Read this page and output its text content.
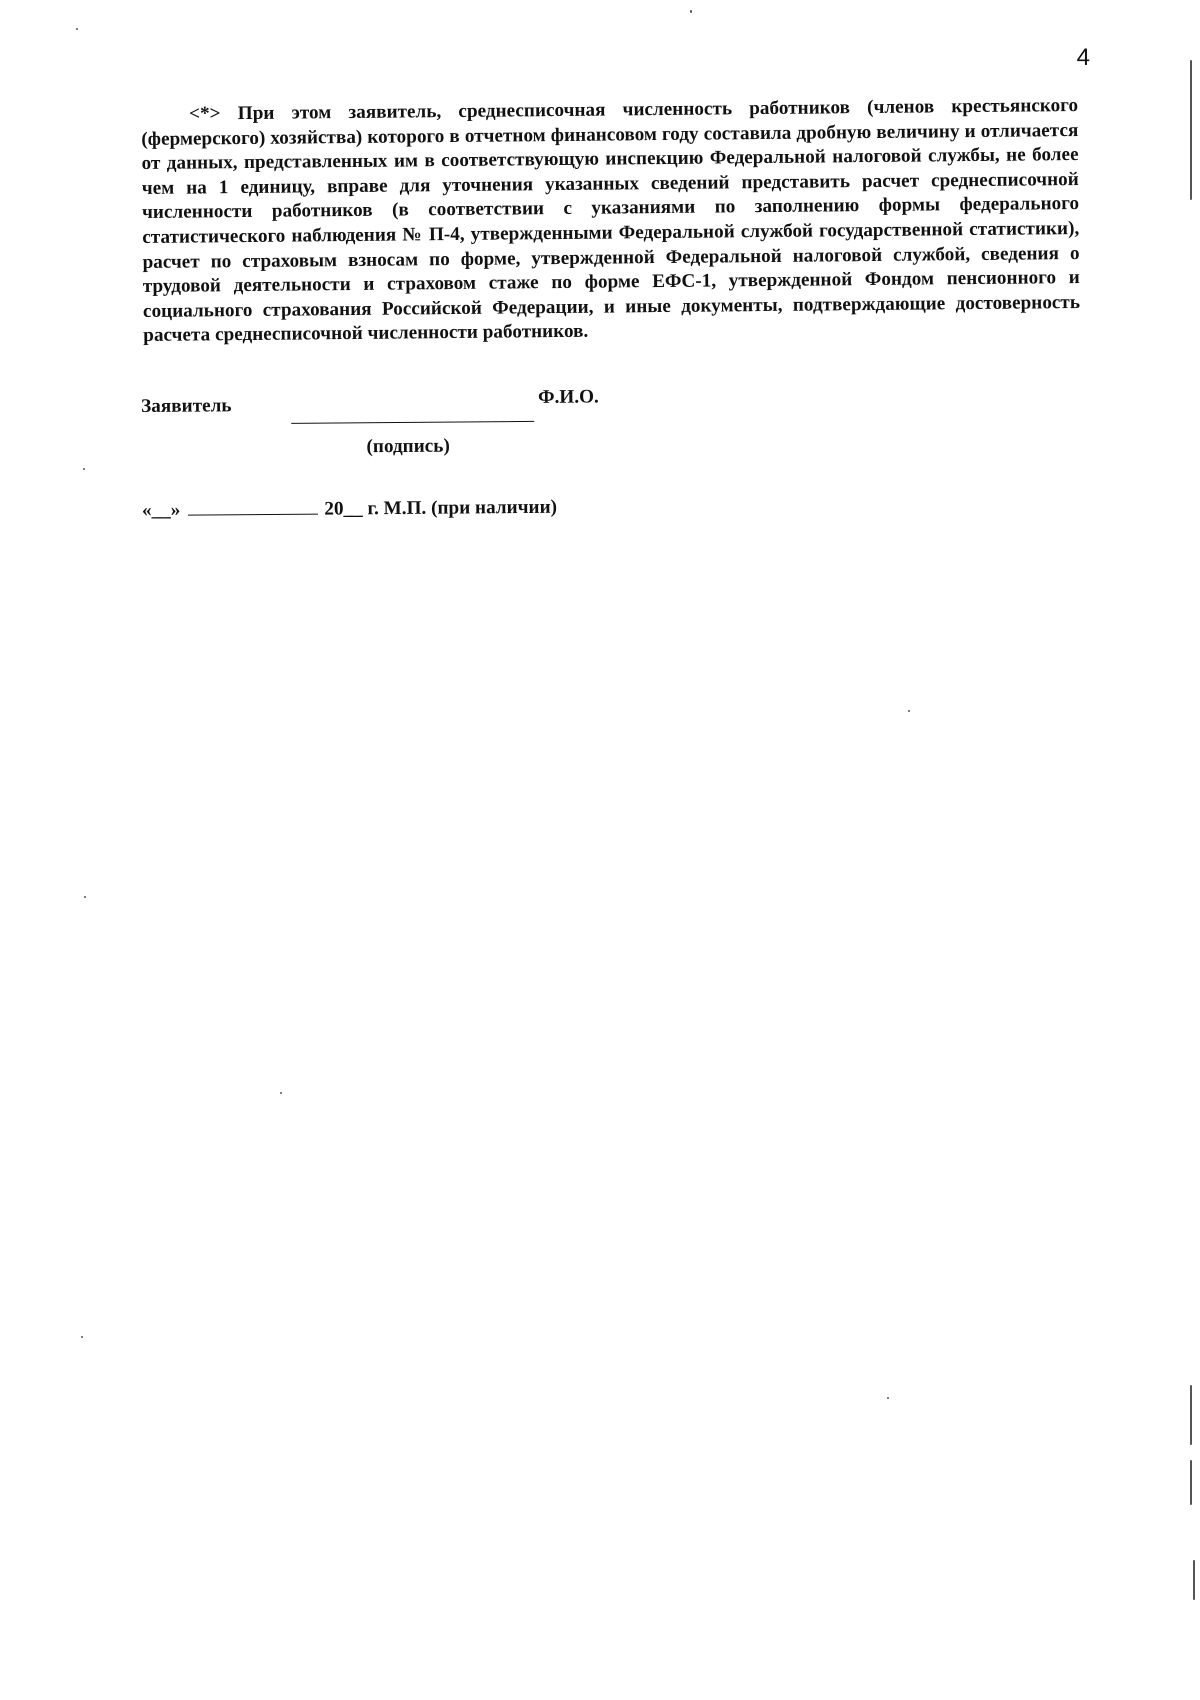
4

<*> При этом заявитель, среднесписочная численность работников (членов крестьянского (фермерского) хозяйства) которого в отчетном финансовом году составила дробную величину и отличается от данных, представленных им в соответствующую инспекцию Федеральной налоговой службы, не более чем на 1 единицу, вправе для уточнения указанных сведений представить расчет среднесписочной численности работников (в соответствии с указаниями по заполнению формы федерального статистического наблюдения № П-4, утвержденными Федеральной службой государственной статистики), расчет по страховым взносам по форме, утвержденной Федеральной налоговой службой, сведения о трудовой деятельности и страховом стаже по форме ЕФС-1, утвержденной Фондом пенсионного и социального страхования Российской Федерации, и иные документы, подтверждающие достоверность расчета среднесписочной численности работников.

Заявитель	Ф.И.О.
(подпись)
«__»	20__ г. М.П. (при наличии)
